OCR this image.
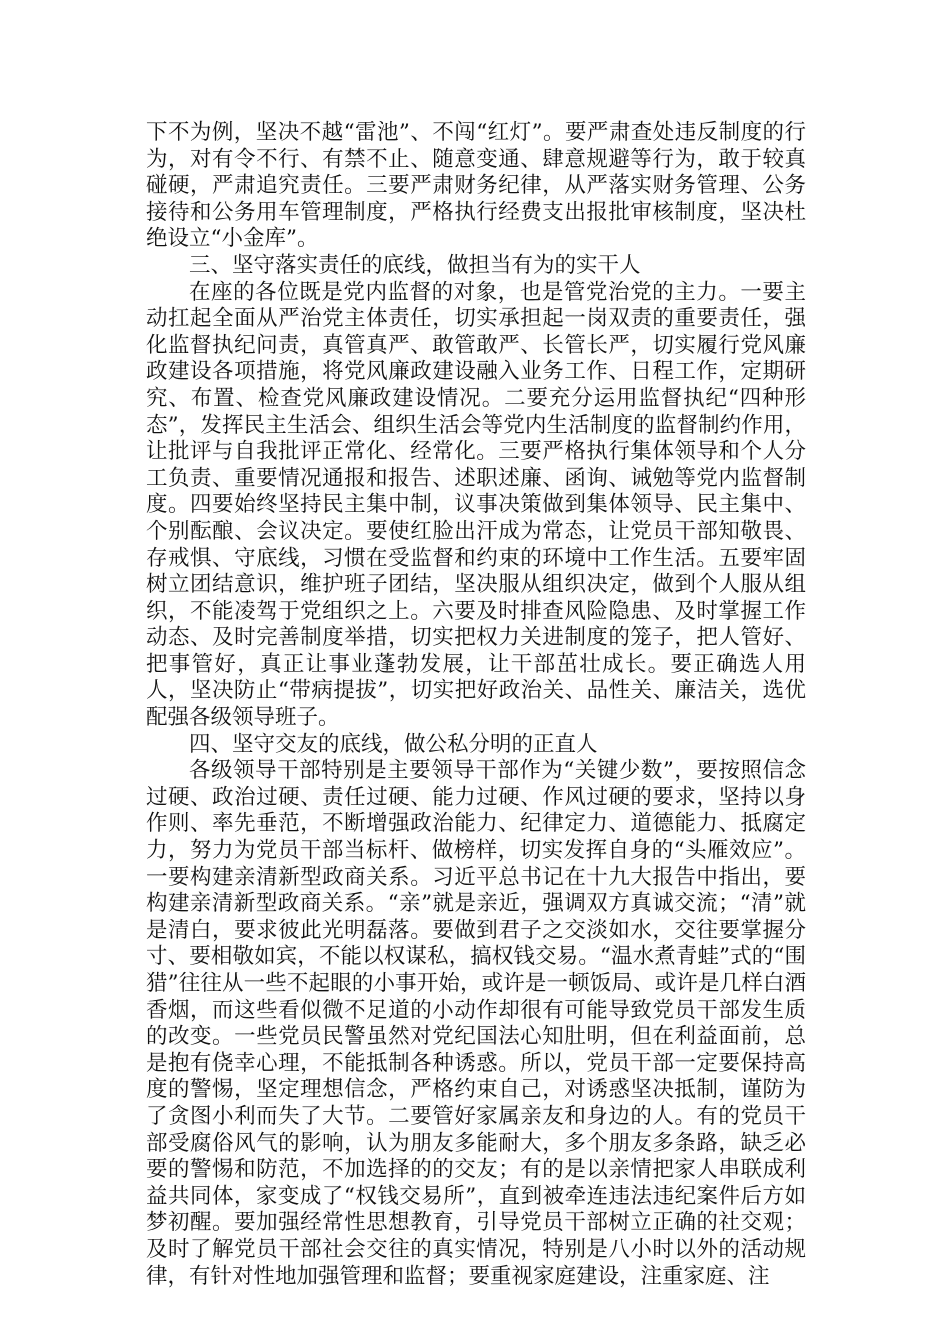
下不为例，坚决不越“雷池”、不闯“红灯”。要严肃查处违反制度的行为，对有令不行、有禁不止、随意变通、肆意规避等行为，敢于较真碰硬，严肃追究责任。三要严肃财务纪律，从严落实财务管理、公务接待和公务用车管理制度，严格执行经费支出报批审核制度，坚决杜绝设立“小金库”。

三、坚守落实责任的底线，做担当有为的实干人

在座的各位既是党内监督的对象，也是管党治党的主力。一要主动扛起全面从严治党主体责任，切实承担起一岗双责的重要责任，强化监督执纪问责，真管真严、敢管敢严、长管长严，切实履行党风廉政建设各项措施，将党风廉政建设融入业务工作、日程工作，定期研究、布置、检查党风廉政建设情况。二要充分运用监督执纪“四种形态”，发挥民主生活会、组织生活会等党内生活制度的监督制约作用，让批评与自我批评正常化、经常化。三要严格执行集体领导和个人分工负责、重要情况通报和报告、述职述廉、函询、诫勉等党内监督制度。四要始终坚持民主集中制，议事决策做到集体领导、民主集中、个别酝酿、会议决定。要使红脸出汗成为常态，让党员干部知敬畏、存戒惧、守底线，习惯在受监督和约束的环境中工作生活。五要牢固树立团结意识，维护班子团结，坚决服从组织决定，做到个人服从组织，不能凌驾于党组织之上。六要及时排查风险隐患、及时掌握工作动态、及时完善制度举措，切实把权力关进制度的笼子，把人管好、把事管好，真正让事业蓬勃发展，让干部茁壮成长。要正确选人用人，坚决防止“带病提拔”，切实把好政治关、品性关、廉洁关，选优配强各级领导班子。

四、坚守交友的底线，做公私分明的正直人

各级领导干部特别是主要领导干部作为“关键少数”，要按照信念过硬、政治过硬、责任过硬、能力过硬、作风过硬的要求，坚持以身作则、率先垂范，不断增强政治能力、纪律定力、道德能力、抵腐定力，努力为党员干部当标杆、做榜样，切实发挥自身的“头雁效应”。一要构建亲清新型政商关系。习近平总书记在十九大报告中指出，要构建亲清新型政商关系。“亲”就是亲近，强调双方真诚交流；“清”就是清白，要求彼此光明磊落。要做到君子之交淡如水，交往要掌握分寸、要相敬如宾，不能以权谋私，搞权钱交易。“温水煮青蛙”式的“围猎”往往从一些不起眼的小事开始，或许是一顿饭局、或许是几样白酒香烟，而这些看似微不足道的小动作却很有可能导致党员干部发生质的改变。一些党员民警虽然对党纪国法心知肚明，但在利益面前，总是抱有侥幸心理，不能抵制各种诱惑。所以，党员干部一定要保持高度的警惕，坚定理想信念，严格约束自己，对诱惑坚决抵制，谨防为了贪图小利而失了大节。二要管好家属亲友和身边的人。有的党员干部受腐俗风气的影响，认为朋友多能耐大，多个朋友多条路，缺乏必要的警惕和防范，不加选择的的交友；有的是以亲情把家人串联成利益共同体，家变成了“权钱交易所”，直到被牵连违法违纪案件后方如梦初醒。要加强经常性思想教育，引导党员干部树立正确的社交观；及时了解党员干部社会交往的真实情况，特别是八小时以外的活动规律，有针对性地加强管理和监督；要重视家庭建设，注重家庭、注
